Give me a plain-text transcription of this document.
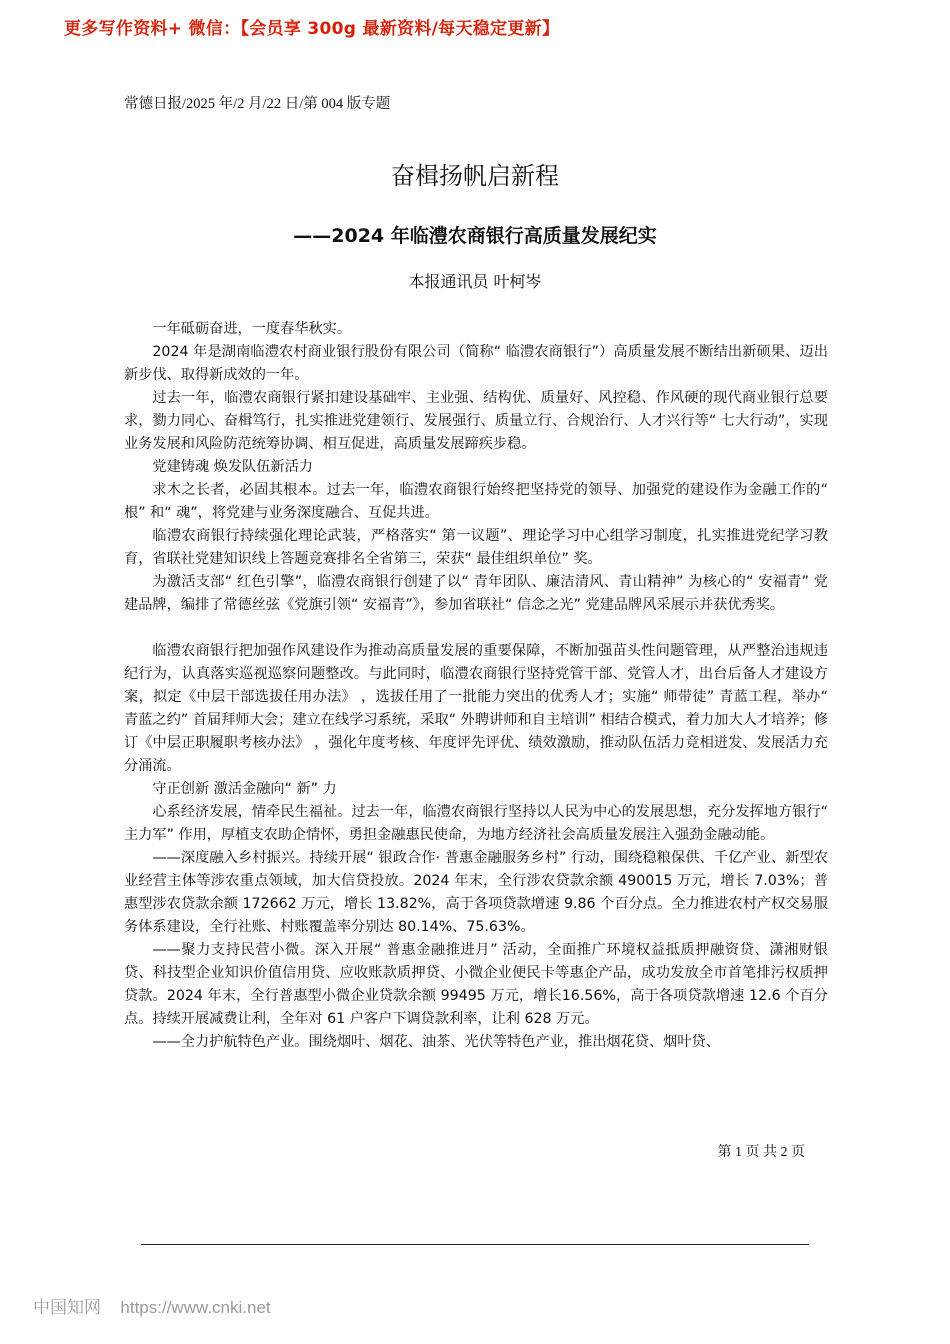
更多写作资料+ 微信：【会员享 300g 最新资料/每天稳定更新】
常德日报/2025 年/2 月/22 日/第 004 版专题
奋楫扬帆启新程
——2024 年临澧农商银行高质量发展纪实
本报通讯员 叶柯岑

一年砥砺奋进，一度春华秋实。

2024 年是湖南临澧农村商业银行股份有限公司（简称“ 临澧农商银行”）高质量发展不断结出新硕果、迈出新步伐、取得新成效的一年。

过去一年，临澧农商银行紧扣建设基础牢、主业强、结构优、质量好、风控稳、作风硬的现代商业银行总要求，勠力同心、奋楫笃行，扎实推进党建领行、发展强行、质量立行、合规治行、人才兴行等“ 七大行动”，实现业务发展和风险防范统筹协调、相互促进，高质量发展蹄疾步稳。

党建铸魂 焕发队伍新活力

求木之长者，必固其根本。过去一年，临澧农商银行始终把坚持党的领导、加强党的建设作为金融工作的“ 根” 和“ 魂”，将党建与业务深度融合、互促共进。

临澧农商银行持续强化理论武装，严格落实“ 第一议题”、理论学习中心组学习制度，扎实推进党纪学习教育，省联社党建知识线上答题竞赛排名全省第三，荣获“ 最佳组织单位” 奖。

为激活支部“ 红色引擎”，临澧农商银行创建了以“ 青年团队、廉洁清风、青山精神” 为核心的“ 安福青” 党建品牌，编排了常德丝弦《党旗引领“ 安福青”》，参加省联社“ 信念之光” 党建品牌风采展示并获优秀奖。

临澧农商银行把加强作风建设作为推动高质量发展的重要保障，不断加强苗头性问题管理，从严整治违规违纪行为，认真落实巡视巡察问题整改。与此同时，临澧农商银行坚持党管干部、党管人才，出台后备人才建设方案，拟定《中层干部选拔任用办法》 ，选拔任用了一批能力突出的优秀人才；实施“ 师带徒” 青蓝工程，举办“ 青蓝之约” 首届拜师大会；建立在线学习系统，采取“ 外聘讲师和自主培训” 相结合模式，着力加大人才培养；修订《中层正职履职考核办法》 ，强化年度考核、年度评先评优、绩效激励，推动队伍活力竞相迸发、发展活力充分涌流。

守正创新 激活金融向“ 新” 力

心系经济发展，情牵民生福祉。过去一年，临澧农商银行坚持以人民为中心的发展思想，充分发挥地方银行“ 主力军” 作用，厚植支农助企情怀，勇担金融惠民使命，为地方经济社会高质量发展注入强劲金融动能。

——深度融入乡村振兴。持续开展“ 银政合作· 普惠金融服务乡村” 行动，围绕稳粮保供、千亿产业、新型农业经营主体等涉农重点领域，加大信贷投放。2024 年末，全行涉农贷款余额 490015 万元，增长 7.03%；普惠型涉农贷款余额 172662 万元，增长 13.82%，高于各项贷款增速 9.86 个百分点。全力推进农村产权交易服务体系建设，全行社账、村账覆盖率分别达 80.14%、75.63%。

——聚力支持民营小微。深入开展“ 普惠金融推进月” 活动，全面推广环境权益抵质押融资贷、潇湘财银贷、科技型企业知识价值信用贷、应收账款质押贷、小微企业便民卡等惠企产品，成功发放全市首笔排污权质押贷款。2024 年末，全行普惠型小微企业贷款余额 99495 万元，增长16.56%，高于各项贷款增速 12.6 个百分点。持续开展减费让利，全年对 61 户客户下调贷款利率，让利 628 万元。

——全力护航特色产业。围绕烟叶、烟花、油茶、光伏等特色产业，推出烟花贷、烟叶贷、

第 1 页 共 2 页
中国知网 https://www.cnki.net
